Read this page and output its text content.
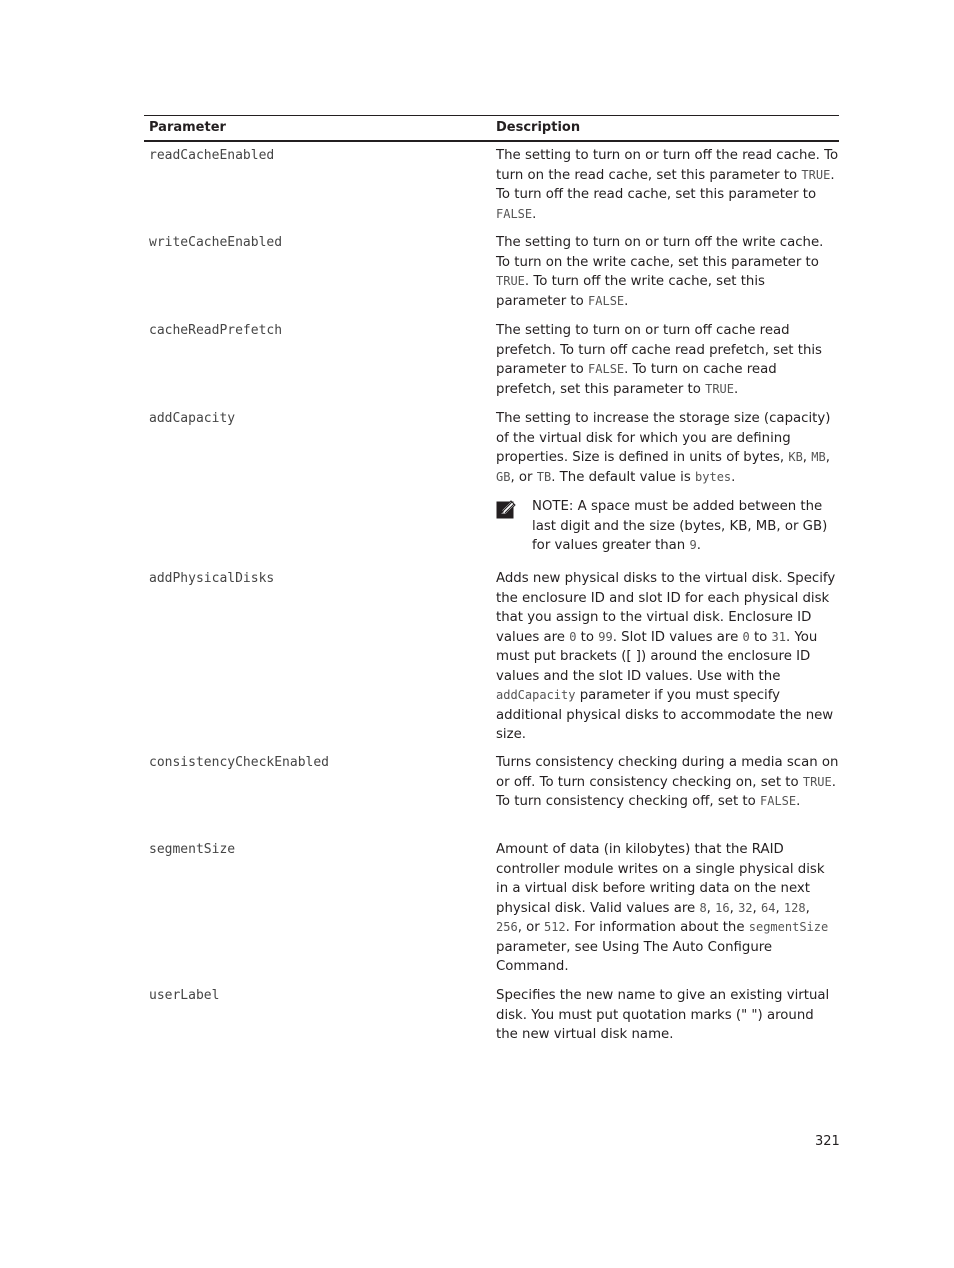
Parameter	Description
readCacheEnabled	The setting to turn on or turn off the read cache. To turn on the read cache, set this parameter to TRUE. To turn off the read cache, set this parameter to FALSE.
writeCacheEnabled	The setting to turn on or turn off the write cache. To turn on the write cache, set this parameter to TRUE. To turn off the write cache, set this parameter to FALSE.
cacheReadPrefetch	The setting to turn on or turn off cache read prefetch. To turn off cache read prefetch, set this parameter to FALSE. To turn on cache read prefetch, set this parameter to TRUE.
addCapacity	The setting to increase the storage size (capacity) of the virtual disk for which you are defining properties. Size is defined in units of bytes, KB, MB, GB, or TB. The default value is bytes.
NOTE: A space must be added between the last digit and the size (bytes, KB, MB, or GB) for values greater than 9.
addPhysicalDisks	Adds new physical disks to the virtual disk. Specify the enclosure ID and slot ID for each physical disk that you assign to the virtual disk. Enclosure ID values are 0 to 99. Slot ID values are 0 to 31. You must put brackets ([ ]) around the enclosure ID values and the slot ID values. Use with the addCapacity parameter if you must specify additional physical disks to accommodate the new size.
consistencyCheckEnabled	Turns consistency checking during a media scan on or off. To turn consistency checking on, set to TRUE. To turn consistency checking off, set to FALSE.
segmentSize	Amount of data (in kilobytes) that the RAID controller module writes on a single physical disk in a virtual disk before writing data on the next physical disk. Valid values are 8, 16, 32, 64, 128, 256, or 512. For information about the segmentSize parameter, see Using The Auto Configure Command.
userLabel	Specifies the new name to give an existing virtual disk. You must put quotation marks (" ") around the new virtual disk name.
321
